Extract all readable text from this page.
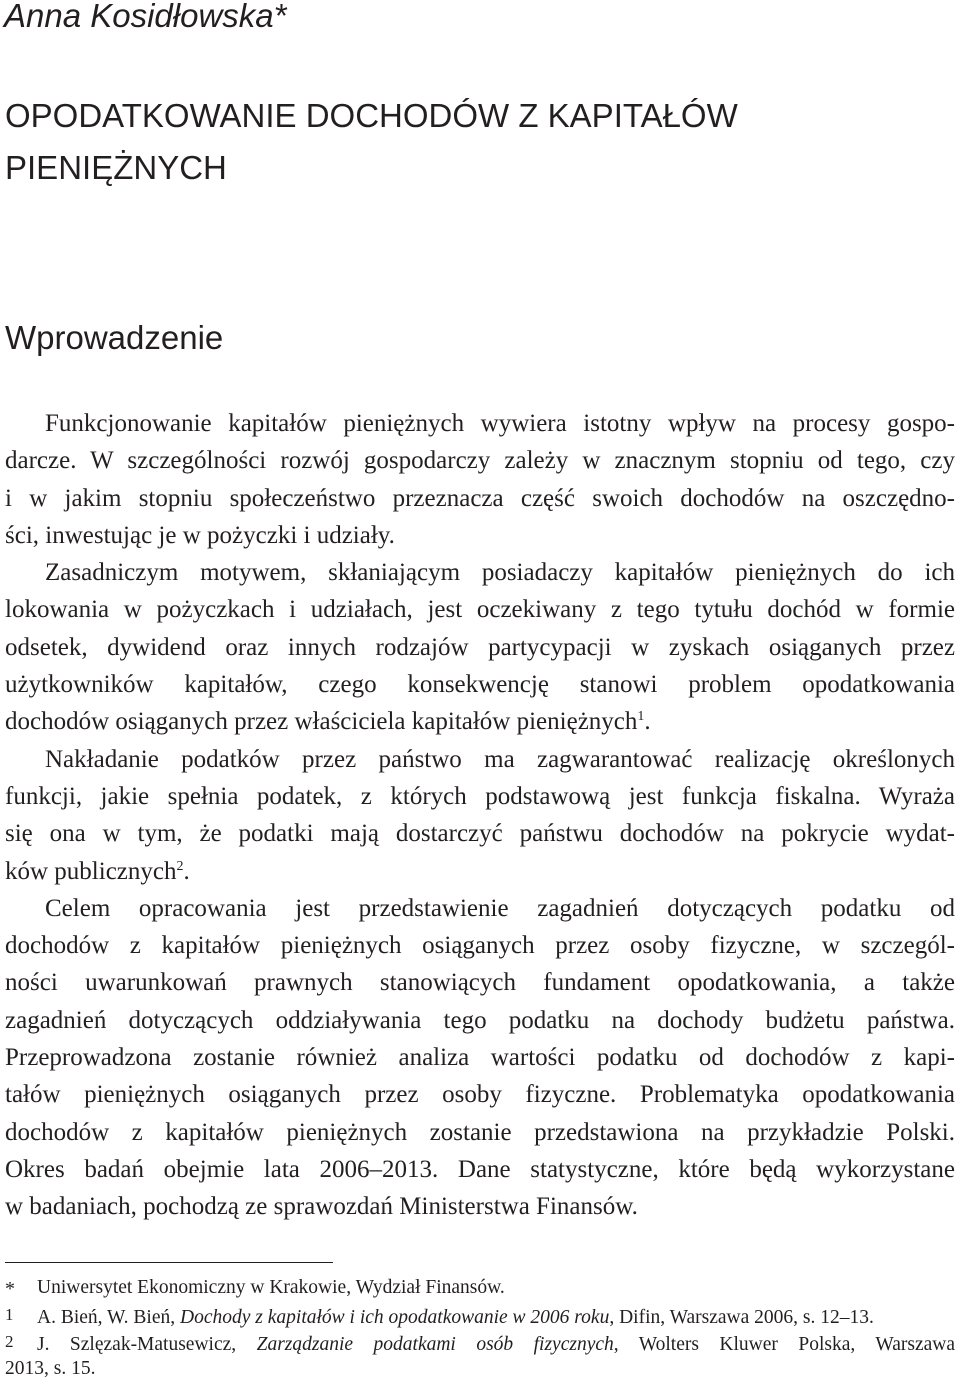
Anna Kosidłowska*
OPODATKOWANIE DOCHODÓW Z KAPITAŁÓW
PIENIĘŻNYCH
Wprowadzenie
Funkcjonowanie kapitałów pieniężnych wywiera istotny wpływ na procesy gospo-
darcze. W szczególności rozwój gospodarczy zależy w znacznym stopniu od tego, czy
i w jakim stopniu społeczeństwo przeznacza część swoich dochodów na oszczędno-
ści, inwestując je w pożyczki i udziały.
Zasadniczym motywem, skłaniającym posiadaczy kapitałów pieniężnych do ich
lokowania w pożyczkach i udziałach, jest oczekiwany z tego tytułu dochód w formie
odsetek, dywidend oraz innych rodzajów partycypacji w zyskach osiąganych przez
użytkowników kapitałów, czego konsekwencję stanowi problem opodatkowania
dochodów osiąganych przez właściciela kapitałów pieniężnych$^1$.
Nakładanie podatków przez państwo ma zagwarantować realizację określonych
funkcji, jakie spełnia podatek, z których podstawową jest funkcja fiskalna. Wyraża
się ona w tym, że podatki mają dostarczyć państwu dochodów na pokrycie wydat-
ków publicznych$^2$.
Celem opracowania jest przedstawienie zagadnień dotyczących podatku od
dochodów z kapitałów pieniężnych osiąganych przez osoby fizyczne, w szczegól-
ności uwarunkowań prawnych stanowiących fundament opodatkowania, a także
zagadnień dotyczących oddziaływania tego podatku na dochody budżetu państwa.
Przeprowadzona zostanie również analiza wartości podatku od dochodów z kapi-
tałów pieniężnych osiąganych przez osoby fizyczne. Problematyka opodatkowania
dochodów z kapitałów pieniężnych zostanie przedstawiona na przykładzie Polski.
Okres badań obejmie lata 2006–2013. Dane statystyczne, które będą wykorzystane
w badaniach, pochodzą ze sprawozdań Ministerstwa Finansów.
* Uniwersytet Ekonomiczny w Krakowie, Wydział Finansów.
1 A. Bień, W. Bień, Dochody z kapitałów i ich opodatkowanie w 2006 roku, Difin, Warszawa 2006, s. 12–13.
2 J. Szlęzak-Matusewicz, Zarządzanie podatkami osób fizycznych, Wolters Kluwer Polska, Warszawa
2013, s. 15.
